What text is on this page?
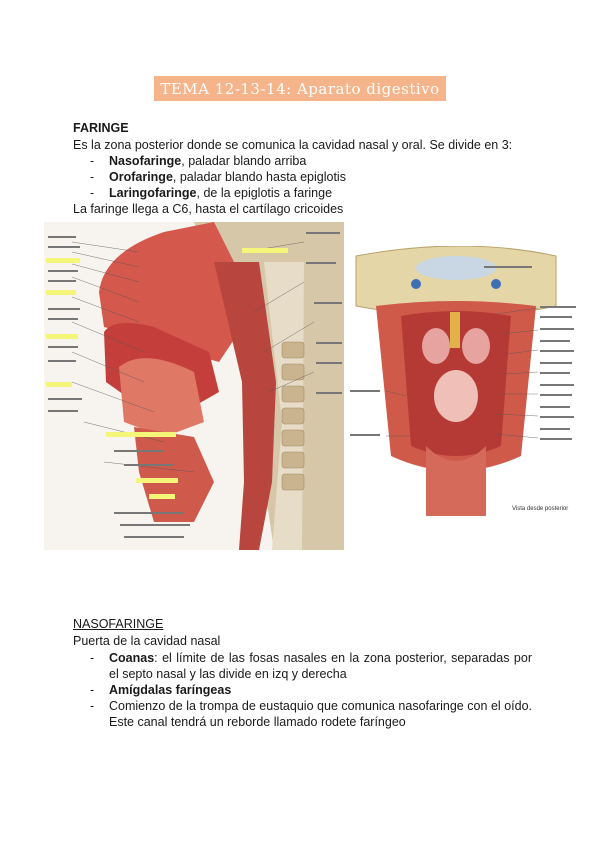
TEMA 12-13-14: Aparato digestivo
FARINGE
Es la zona posterior donde se comunica la cavidad nasal y oral. Se divide en 3:
- Nasofaringe, paladar blando arriba
- Orofaringe, paladar blando hasta epiglotis
- Laringofaringe, de la epiglotis a faringe
La faringe llega a C6, hasta el cartílago cricoides
Vista desde posterior
NASOFARINGE
Puerta de la cavidad nasal
- Coanas: el límite de las fosas nasales en la zona posterior, separadas por el septo nasal y las divide en izq y derecha
- Amígdalas faríngeas
- Comienzo de la trompa de eustaquio que comunica nasofaringe con el oído. Este canal tendrá un reborde llamado rodete faríngeo
